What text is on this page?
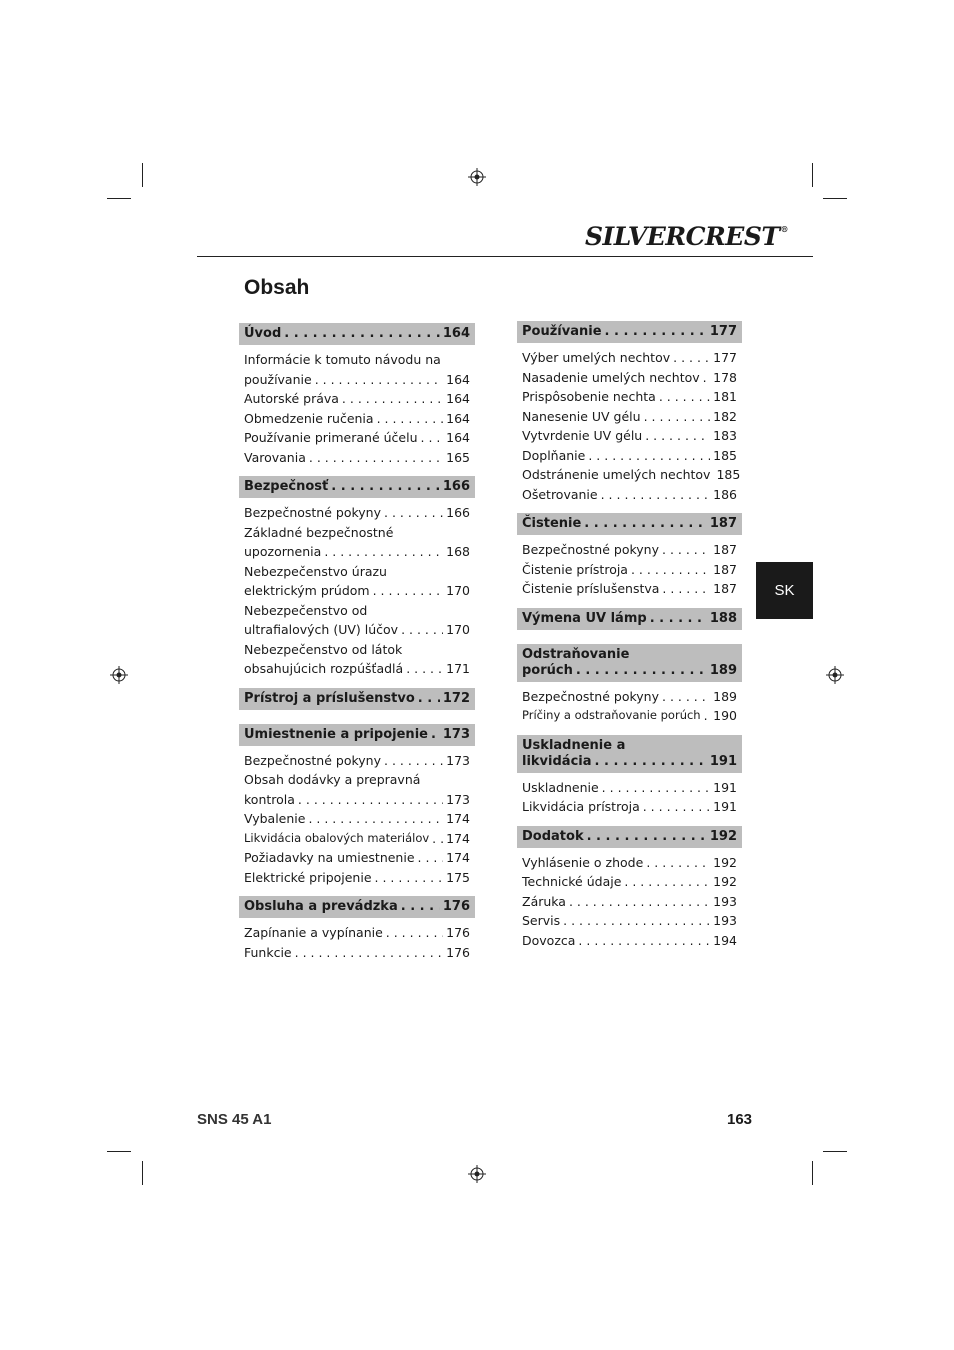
SILVERCREST®
Obsah
Úvod . . .	164
Informácie k tomuto návodu na
používanie . . .	164
Autorské práva . . .	164
Obmedzenie ručenia . . .	164
Používanie primerané účelu . . . 164
Varovania . . .	165
Bezpečnosť . . .	166
Bezpečnostné pokyny . . .	166
Základné bezpečnostné
upozornenia . . .	168
Nebezpečenstvo úrazu
elektrickým prúdom . . .	170
Nebezpečenstvo od
ultrafialových (UV) lúčov . . .	170
Nebezpečenstvo od látok
obsahujúcich rozpúšťadlá . . .	171
Prístroj a príslušenstvo . . . 172
Umiestnenie a pripojenie . . . 173
Bezpečnostné pokyny . . .	173
Obsah dodávky a prepravná
kontrola . . .	173
Vybalenie . . .	174
Likvidácia obalových materiálov . . . 174
Požiadavky na umiestnenie . . .	174
Elektrické pripojenie . . .	175
Obsluha a prevádzka . . .	176
Zapínanie a vypínanie . . .	176
Funkcie . . .	176
Používanie . . .	177
Výber umelých nechtov . . .	177
Nasadenie umelých nechtov . . . 178
Prispôsobenie nechta . . .	181
Nanesenie UV gélu . . .	182
Vytvrdenie UV gélu . . .	183
Doplňanie . . .	185
Odstránenie umelých nechtov 185
Ošetrovanie . . .	186
Čistenie . . .	187
Bezpečnostné pokyny . . .	187
Čistenie prístroja . . .	187
Čistenie príslušenstva . . .	187
Výmena UV lámp . . .	188
Odstraňovanie
porúch . . .	189
Bezpečnostné pokyny . . .	189
Príčiny a odstraňovanie porúch . . . 190
Uskladnenie a
likvidácia . . .	191
Uskladnenie . . .	191
Likvidácia prístroja . . .	191
Dodatok . . .	192
Vyhlásenie o zhode . . .	192
Technické údaje . . .	192
Záruka . . .	193
Servis . . .	193
Dovozca . . .	194
SK
SNS 45 A1	163
